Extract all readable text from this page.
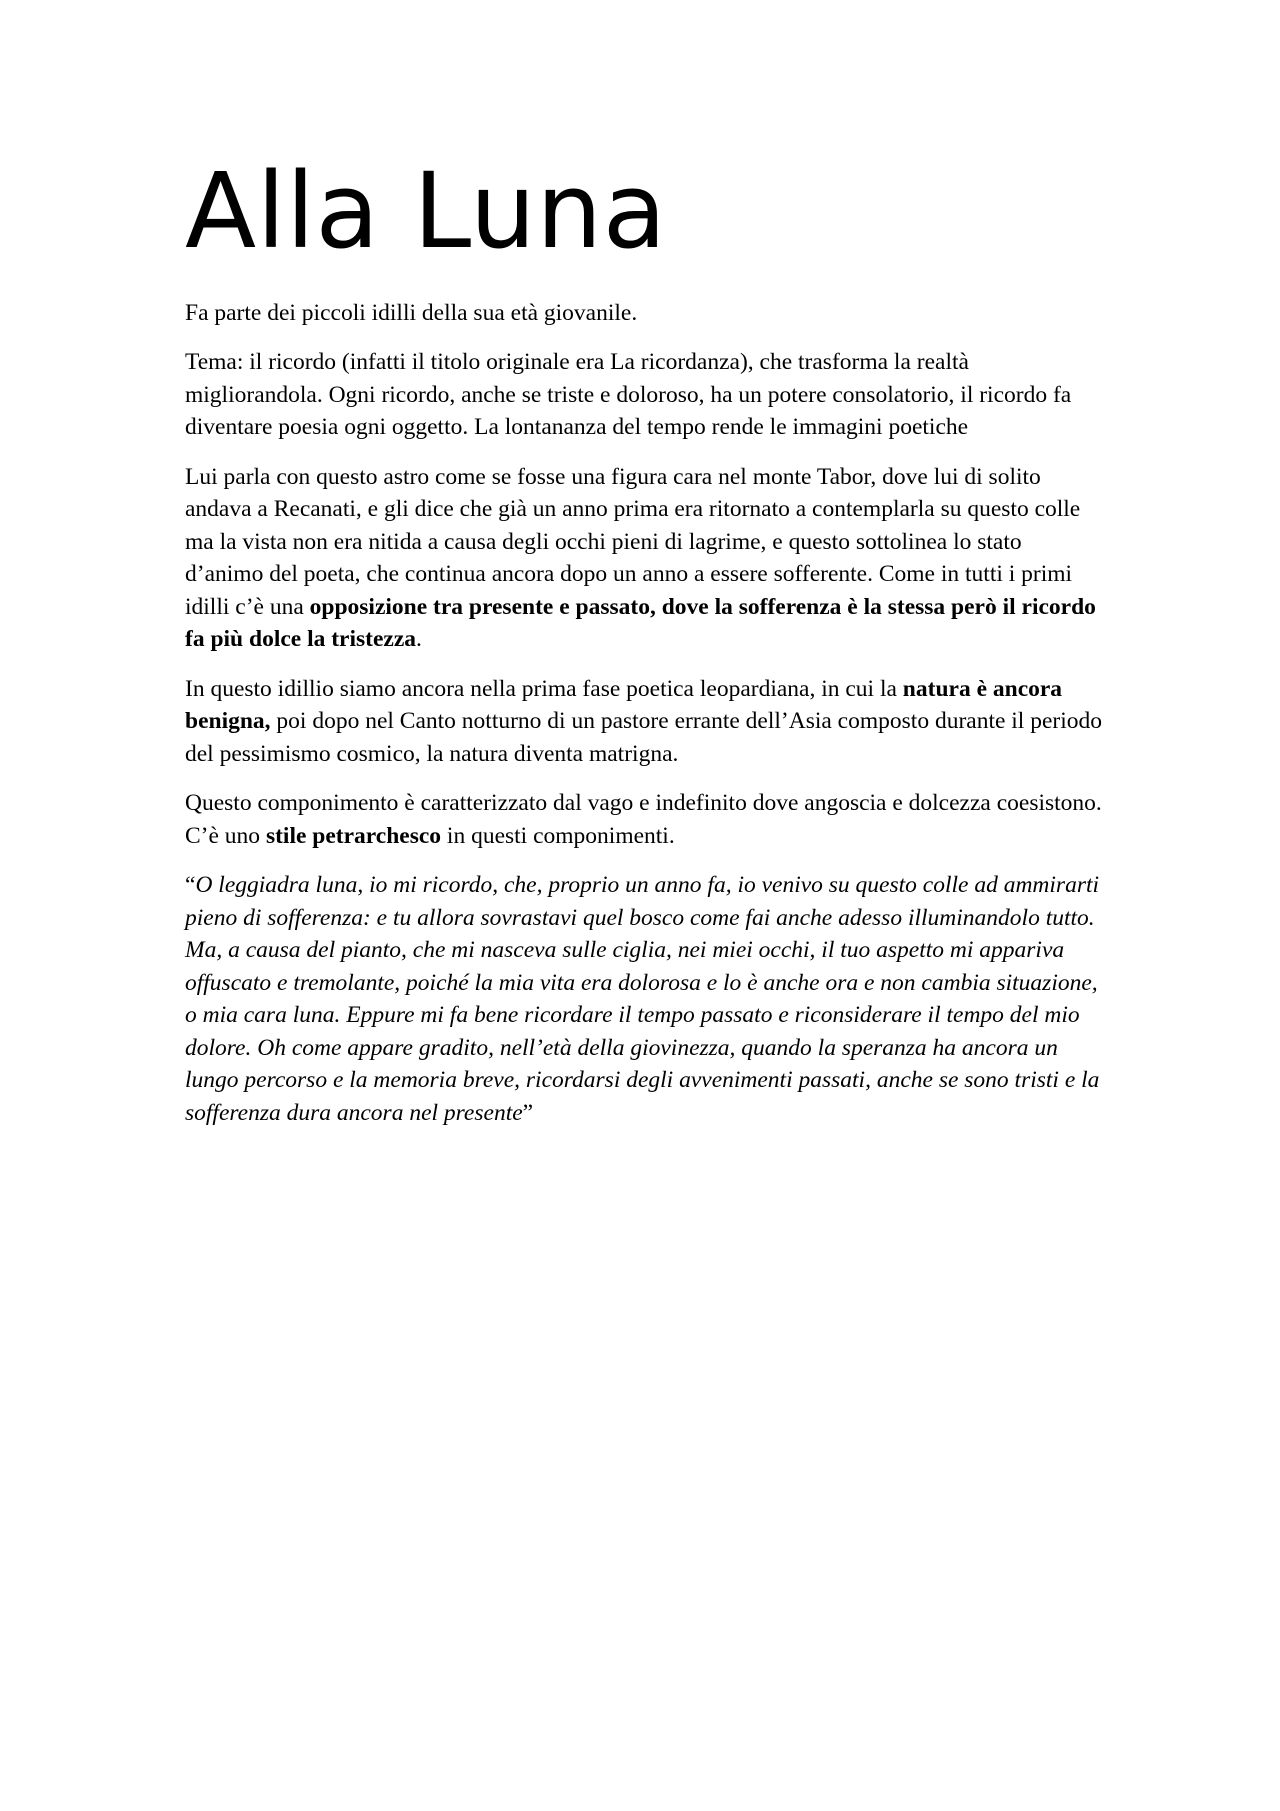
Alla Luna

Fa parte dei piccoli idilli della sua età giovanile.

Tema: il ricordo (infatti il titolo originale era La ricordanza), che trasforma la realtà migliorandola. Ogni ricordo, anche se triste e doloroso, ha un potere consolatorio, il ricordo fa diventare poesia ogni oggetto. La lontananza del tempo rende le immagini poetiche

Lui parla con questo astro come se fosse una figura cara nel monte Tabor, dove lui di solito andava a Recanati, e gli dice che già un anno prima era ritornato a contemplarla su questo colle ma la vista non era nitida a causa degli occhi pieni di lagrime, e questo sottolinea lo stato d’animo del poeta, che continua ancora dopo un anno a essere sofferente. Come in tutti i primi idilli c’è una opposizione tra presente e passato, dove la sofferenza è la stessa però il ricordo fa più dolce la tristezza.

In questo idillio siamo ancora nella prima fase poetica leopardiana, in cui la natura è ancora benigna, poi dopo nel Canto notturno di un pastore errante dell’Asia composto durante il periodo del pessimismo cosmico, la natura diventa matrigna.

Questo componimento è caratterizzato dal vago e indefinito dove angoscia e dolcezza coesistono. C’è uno stile petrarchesco in questi componimenti.

“O leggiadra luna, io mi ricordo, che, proprio un anno fa, io venivo su questo colle ad ammirarti pieno di sofferenza: e tu allora sovrastavi quel bosco come fai anche adesso illuminandolo tutto. Ma, a causa del pianto, che mi nasceva sulle ciglia, nei miei occhi, il tuo aspetto mi appariva offuscato e tremolante, poiché la mia vita era dolorosa e lo è anche ora e non cambia situazione, o mia cara luna. Eppure mi fa bene ricordare il tempo passato e riconsiderare il tempo del mio dolore. Oh come appare gradito, nell’età della giovinezza, quando la speranza ha ancora un lungo percorso e la memoria breve, ricordarsi degli avvenimenti passati, anche se sono tristi e la sofferenza dura ancora nel presente”
